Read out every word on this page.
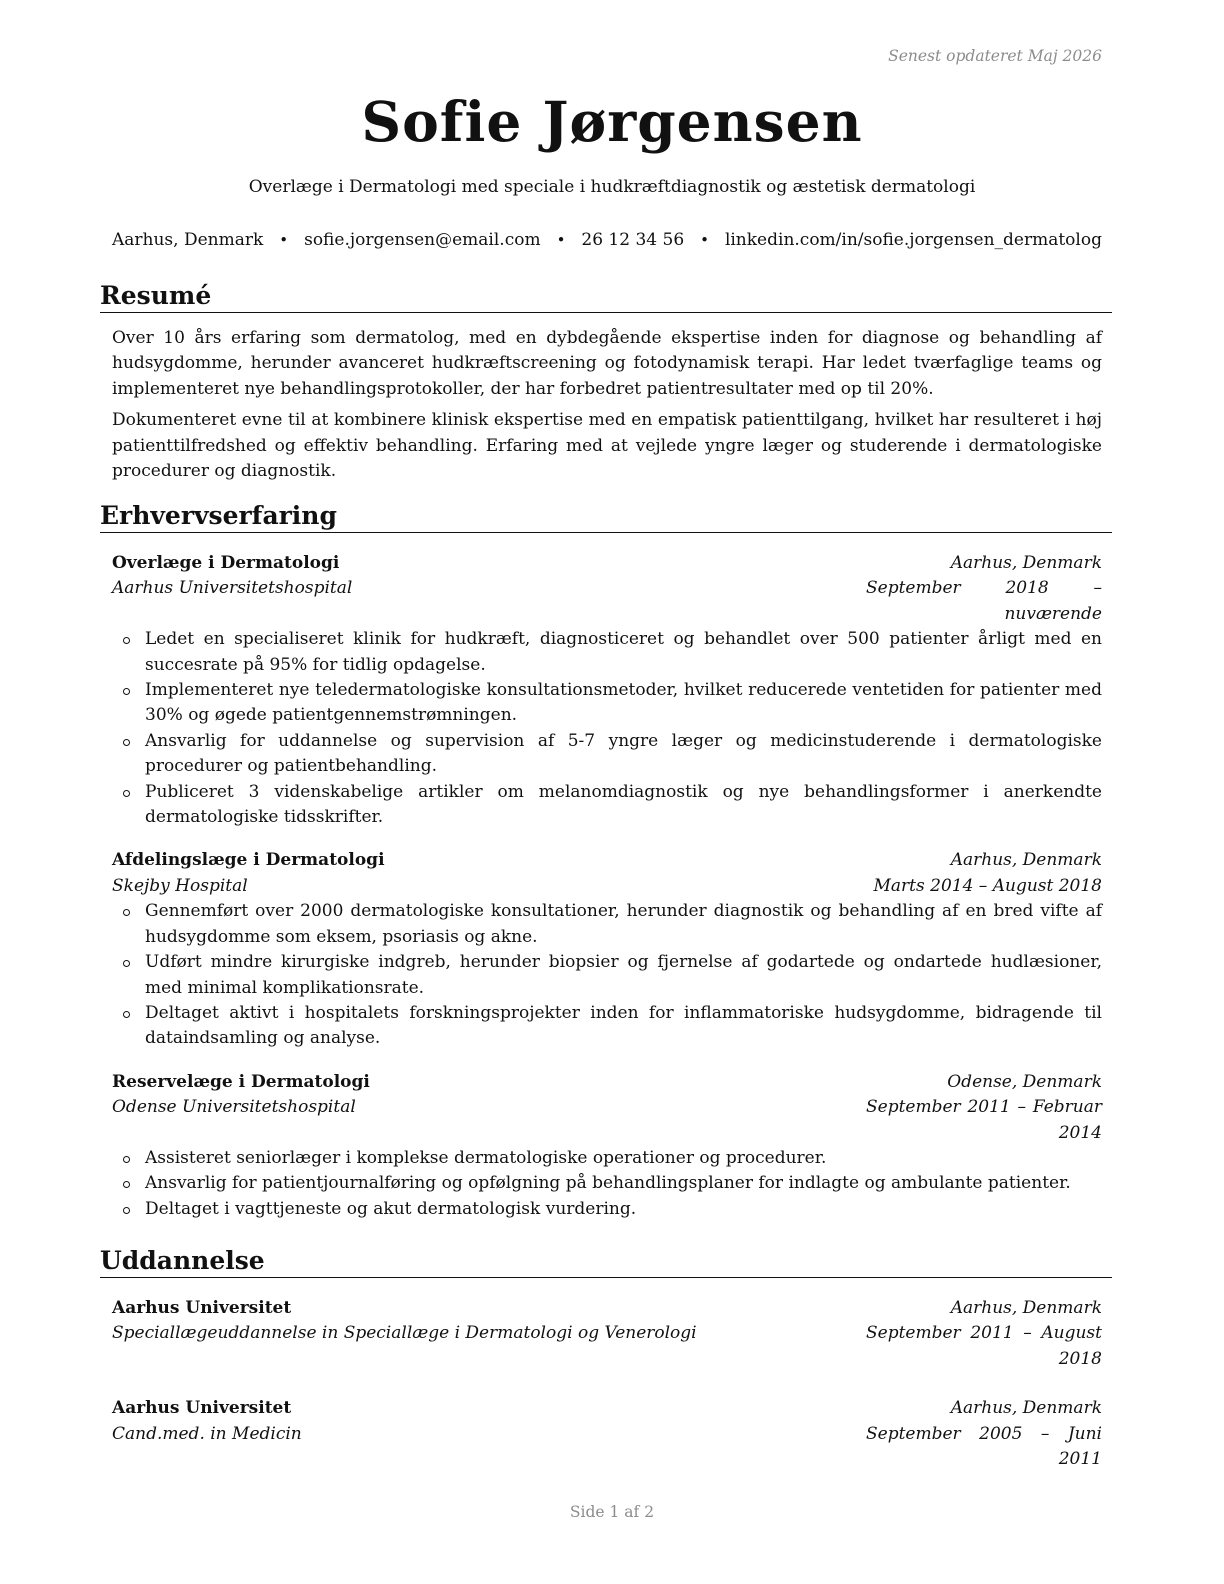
Senest opdateret Maj 2026
Sofie Jørgensen
Overlæge i Dermatologi med speciale i hudkræftdiagnostik og æstetisk dermatologi
Aarhus, Denmark • sofie.jorgensen@email.com • 26 12 34 56 • linkedin.com/in/sofie.jorgensen_dermatolog
Resumé

Over 10 års erfaring som dermatolog, med en dybdegående ekspertise inden for diagnose og behandling af hudsygdomme, herunder avanceret hudkræftscreening og fotodynamisk terapi. Har ledet tværfaglige teams og implementeret nye behandlingsprotokoller, der har forbedret patientresultater med op til 20%.

Dokumenteret evne til at kombinere klinisk ekspertise med en empatisk patienttilgang, hvilket har resulteret i høj patienttilfredshed og effektiv behandling. Erfaring med at vejlede yngre læger og studerende i dermatologiske procedurer og diagnostik.

Erhvervserfaring
Overlæge i Dermatologi	Aarhus, Denmark
Aarhus Universitetshospital	September 2018 – nuværende
Ledet en specialiseret klinik for hudkræft, diagnosticeret og behandlet over 500 patienter årligt med en succesrate på 95% for tidlig opdagelse.
Implementeret nye teledermatologiske konsultationsmetoder, hvilket reducerede ventetiden for patienter med 30% og øgede patientgennemstrømningen.
Ansvarlig for uddannelse og supervision af 5-7 yngre læger og medicinstuderende i dermatologiske procedurer og patientbehandling.
Publiceret 3 videnskabelige artikler om melanomdiagnostik og nye behandlingsformer i anerkendte dermatologiske tidsskrifter.
Afdelingslæge i Dermatologi	Aarhus, Denmark
Skejby Hospital	Marts 2014 – August 2018
Gennemført over 2000 dermatologiske konsultationer, herunder diagnostik og behandling af en bred vifte af hudsygdomme som eksem, psoriasis og akne.
Udført mindre kirurgiske indgreb, herunder biopsier og fjernelse af godartede og ondartede hudlæsioner, med minimal komplikationsrate.
Deltaget aktivt i hospitalets forskningsprojekter inden for inflammatoriske hudsygdomme, bidragende til dataindsamling og analyse.
Reservelæge i Dermatologi	Odense, Denmark
Odense Universitetshospital	September 2011 – Februar 2014
Assisteret seniorlæger i komplekse dermatologiske operationer og procedurer.
Ansvarlig for patientjournalføring og opfølgning på behandlingsplaner for indlagte og ambulante patienter.
Deltaget i vagttjeneste og akut dermatologisk vurdering.
Uddannelse
Aarhus Universitet	Aarhus, Denmark
Speciallægeuddannelse in Speciallæge i Dermatologi og Venerologi	September 2011 – August 2018
Aarhus Universitet	Aarhus, Denmark
Cand.med. in Medicin	September 2005 – Juni 2011
Side 1 af 2
